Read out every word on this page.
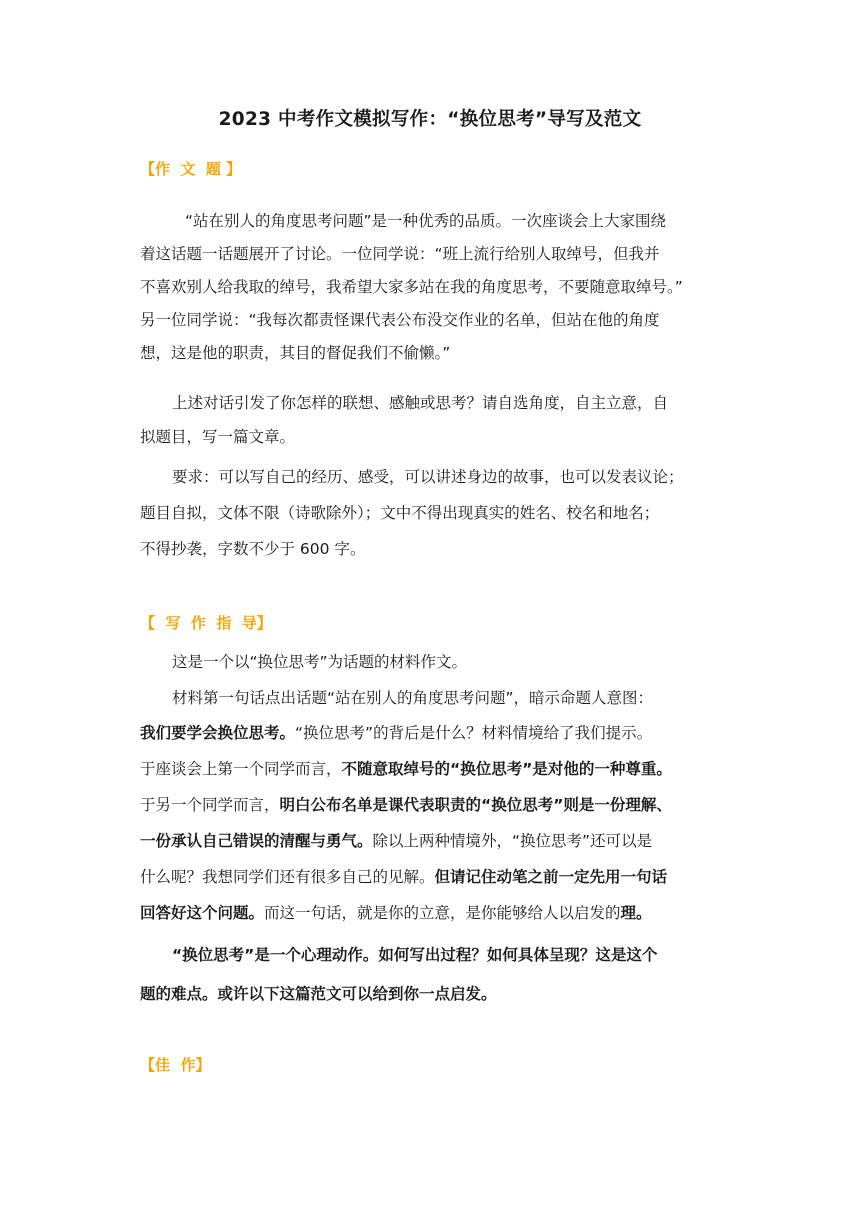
2023 中考作文模拟写作：“换位思考”导写及范文
【作  文  题 】
“站在别人的角度思考问题”是一种优秀的品质。一次座谈会上大家围绕
着这话题一话题展开了讨论。一位同学说：“班上流行给别人取绰号，但我并
不喜欢别人给我取的绰号，我希望大家多站在我的角度思考，不要随意取绰号。”
另一位同学说：“我每次都责怪课代表公布没交作业的名单，但站在他的角度
想，这是他的职责，其目的督促我们不偷懒。”
上述对话引发了你怎样的联想、感触或思考？请自选角度，自主立意，自
拟题目，写一篇文章。
要求：可以写自己的经历、感受，可以讲述身边的故事，也可以发表议论；
题目自拟，文体不限（诗歌除外）；文中不得出现真实的姓名、校名和地名；
不得抄袭，字数不少于 600 字。
【  写  作  指  导】
这是一个以“换位思考”为话题的材料作文。
材料第一句话点出话题“站在别人的角度思考问题”，暗示命题人意图：
我们要学会换位思考。“换位思考”的背后是什么？材料情境给了我们提示。
于座谈会上第一个同学而言，不随意取绰号的“换位思考”是对他的一种尊重。
于另一个同学而言，明白公布名单是课代表职责的“换位思考”则是一份理解、
一份承认自己错误的清醒与勇气。除以上两种情境外，“换位思考”还可以是
什么呢？我想同学们还有很多自己的见解。但请记住动笔之前一定先用一句话
回答好这个问题。而这一句话，就是你的立意，是你能够给人以启发的理。
“换位思考”是一个心理动作。如何写出过程？如何具体呈现？这是这个
题的难点。或许以下这篇范文可以给到你一点启发。
【佳  作】
